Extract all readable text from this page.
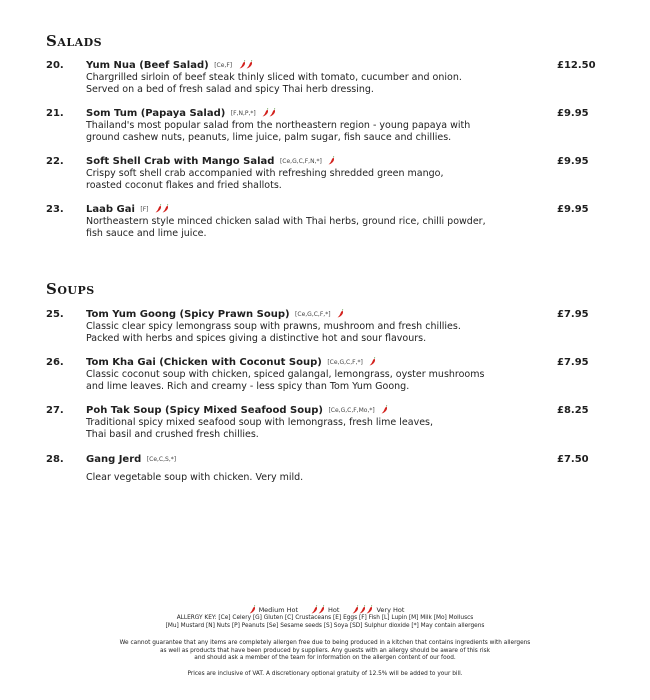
Salads
20. Yum Nua (Beef Salad) [Ce,F]
Chargrilled sirloin of beef steak thinly sliced with tomato, cucumber and onion.
Served on a bed of fresh salad and spicy Thai herb dressing.
£12.50
21. Som Tum (Papaya Salad) [F,N,P,*]
Thailand's most popular salad from the northeastern region - young papaya with
ground cashew nuts, peanuts, lime juice, palm sugar, fish sauce and chillies.
£9.95
22. Soft Shell Crab with Mango Salad [Ce,G,C,F,N,*]
Crispy soft shell crab accompanied with refreshing shredded green mango,
roasted coconut flakes and fried shallots.
£9.95
23. Laab Gai [F]
Northeastern style minced chicken salad with Thai herbs, ground rice, chilli powder,
fish sauce and lime juice.
£9.95
Soups
25. Tom Yum Goong (Spicy Prawn Soup) [Ce,G,C,F,*]
Classic clear spicy lemongrass soup with prawns, mushroom and fresh chillies.
Packed with herbs and spices giving a distinctive hot and sour flavours.
£7.95
26. Tom Kha Gai (Chicken with Coconut Soup) [Ce,G,C,F,*]
Classic coconut soup with chicken, spiced galangal, lemongrass, oyster mushrooms
and lime leaves. Rich and creamy - less spicy than Tom Yum Goong.
£7.95
27. Poh Tak Soup (Spicy Mixed Seafood Soup) [Ce,G,C,F,Mo,*]
Traditional spicy mixed seafood soup with lemongrass, fresh lime leaves,
Thai basil and crushed fresh chillies.
£8.25
28. Gang Jerd [Ce,C,S,*]
Clear vegetable soup with chicken. Very mild.
£7.50
Medium Hot	Hot	Very Hot
ALLERGY KEY: [Ce] Celery [G] Gluten [C] Crustaceans [E] Eggs [F] Fish [L] Lupin [M] Milk [Mo] Molluscs
[Mu] Mustard [N] Nuts [P] Peanuts [Se] Sesame seeds [S] Soya [SD] Sulphur dioxide [*] May contain allergens
We cannot guarantee that any items are completely allergen free due to being produced in a kitchen that contains ingredients with allergens
as well as products that have been produced by suppliers. Any guests with an allergy should be aware of this risk
and should ask a member of the team for information on the allergen content of our food.
Prices are inclusive of VAT. A discretionary optional gratuity of 12.5% will be added to your bill.
